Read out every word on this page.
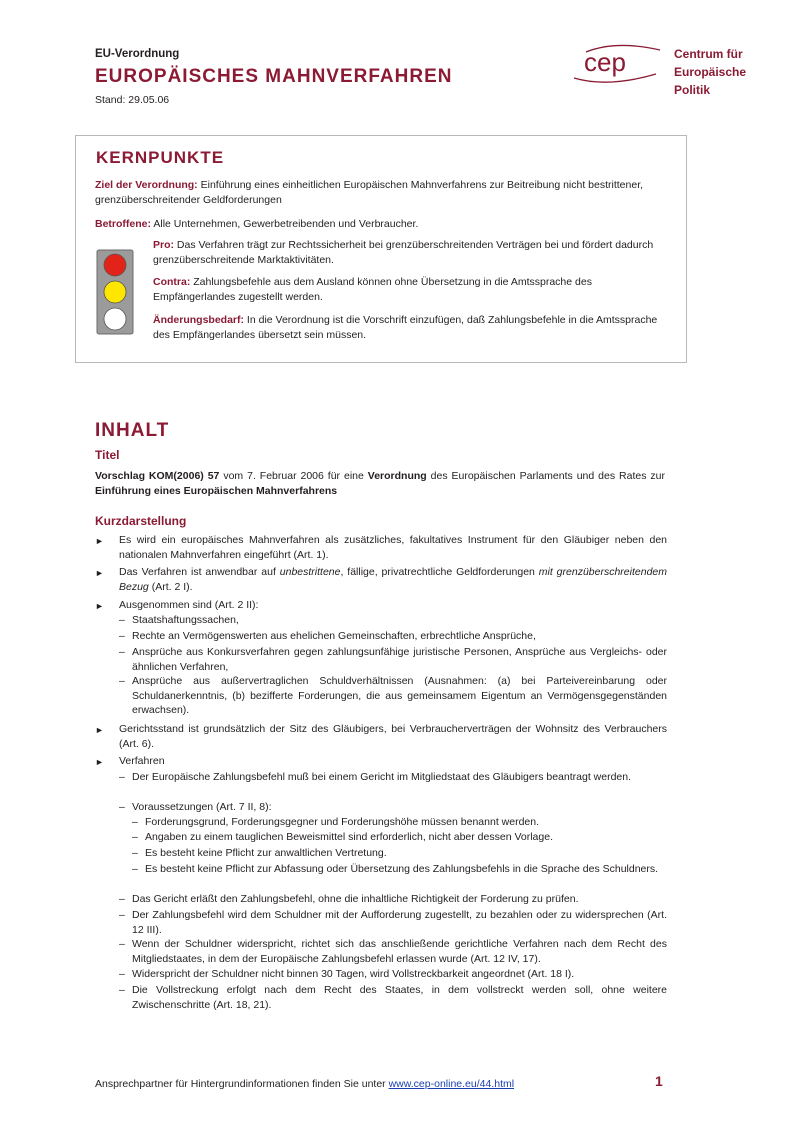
EU-Verordnung
EUROPÄISCHES MAHNVERFAHREN
Stand: 29.05.06
cep	Centrum für
Europäische
Politik
KERNPUNKTE
Ziel der Verordnung: Einführung eines einheitlichen Europäischen Mahnverfahrens zur Beitreibung nicht bestrittener, grenzüberschreitender Geldforderungen
Betroffene: Alle Unternehmen, Gewerbetreibenden und Verbraucher.
Pro: Das Verfahren trägt zur Rechtssicherheit bei grenzüberschreitenden Verträgen bei und fördert dadurch grenzüberschreitende Marktaktivitäten.
Contra: Zahlungsbefehle aus dem Ausland können ohne Übersetzung in die Amtssprache des Empfängerlandes zugestellt werden.
Änderungsbedarf: In die Verordnung ist die Vorschrift einzufügen, daß Zahlungsbefehle in die Amtssprache des Empfängerlandes übersetzt sein müssen.
INHALT
Titel
Vorschlag KOM(2006) 57 vom 7. Februar 2006 für eine Verordnung des Europäischen Parlaments und des Rates zur Einführung eines Europäischen Mahnverfahrens
Kurzdarstellung
► Es wird ein europäisches Mahnverfahren als zusätzliches, fakultatives Instrument für den Gläubiger neben den nationalen Mahnverfahren eingeführt (Art. 1).
► Das Verfahren ist anwendbar auf unbestrittene, fällige, privatrechtliche Geldforderungen mit grenzüberschreitendem Bezug (Art. 2 I).
► Ausgenommen sind (Art. 2 II):
– Staatshaftungssachen,
– Rechte an Vermögenswerten aus ehelichen Gemeinschaften, erbrechtliche Ansprüche,
– Ansprüche aus Konkursverfahren gegen zahlungsunfähige juristische Personen, Ansprüche aus Vergleichs- oder ähnlichen Verfahren,
– Ansprüche aus außervertraglichen Schuldverhältnissen (Ausnahmen: (a) bei Parteivereinbarung oder Schuldanerkenntnis, (b) bezifferte Forderungen, die aus gemeinsamem Eigentum an Vermögensgegenständen erwachsen).
► Gerichtsstand ist grundsätzlich der Sitz des Gläubigers, bei Verbraucherverträgen der Wohnsitz des Verbrauchers (Art. 6).
► Verfahren
– Der Europäische Zahlungsbefehl muß bei einem Gericht im Mitgliedstaat des Gläubigers beantragt werden.
– Voraussetzungen (Art. 7 II, 8):
– Forderungsgrund, Forderungsgegner und Forderungshöhe müssen benannt werden.
– Angaben zu einem tauglichen Beweismittel sind erforderlich, nicht aber dessen Vorlage.
– Es besteht keine Pflicht zur anwaltlichen Vertretung.
– Es besteht keine Pflicht zur Abfassung oder Übersetzung des Zahlungsbefehls in die Sprache des Schuldners.
– Das Gericht erläßt den Zahlungsbefehl, ohne die inhaltliche Richtigkeit der Forderung zu prüfen.
– Der Zahlungsbefehl wird dem Schuldner mit der Aufforderung zugestellt, zu bezahlen oder zu widersprechen (Art. 12 III).
– Wenn der Schuldner widerspricht, richtet sich das anschließende gerichtliche Verfahren nach dem Recht des Mitgliedstaates, in dem der Europäische Zahlungsbefehl erlassen wurde (Art. 12 IV, 17).
– Widerspricht der Schuldner nicht binnen 30 Tagen, wird Vollstreckbarkeit angeordnet (Art. 18 I).
– Die Vollstreckung erfolgt nach dem Recht des Staates, in dem vollstreckt werden soll, ohne weitere Zwischenschritte (Art. 18, 21).
Ansprechpartner für Hintergrundinformationen finden Sie unter www.cep-online.eu/44.html	1
